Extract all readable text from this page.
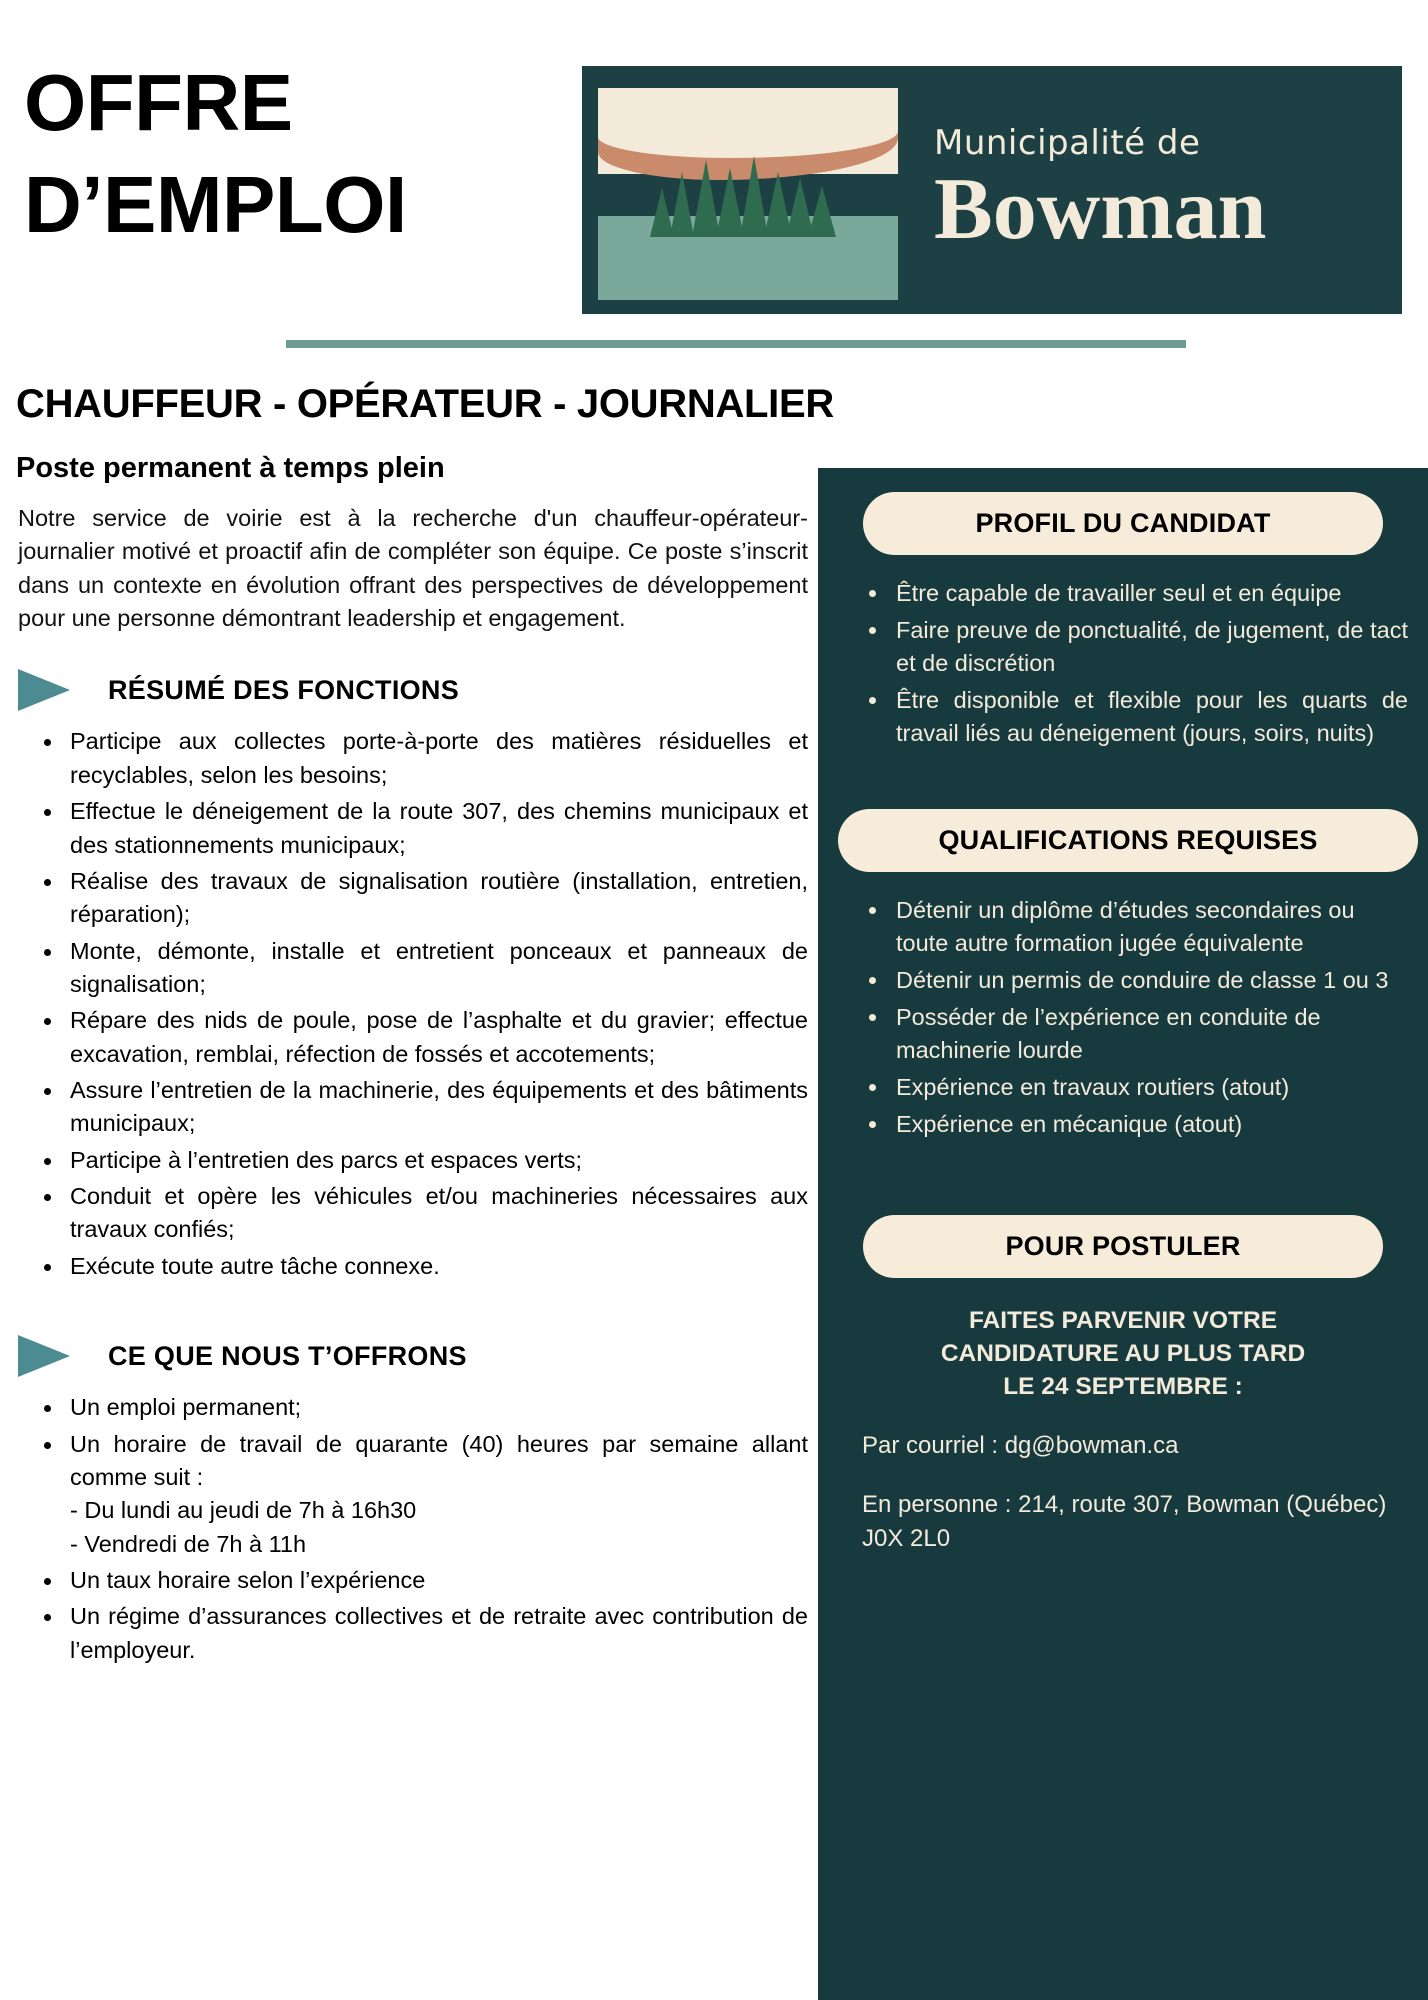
OFFRE
D’EMPLOI
Municipalité de
Bowman
CHAUFFEUR - OPÉRATEUR - JOURNALIER
Poste permanent à temps plein
Notre service de voirie est à la recherche d'un chauffeur-opérateur-journalier motivé et proactif afin de compléter son équipe. Ce poste s’inscrit dans un contexte en évolution offrant des perspectives de développement pour une personne démontrant leadership et engagement.
RÉSUMÉ DES FONCTIONS
• Participe aux collectes porte-à-porte des matières résiduelles et recyclables, selon les besoins;
• Effectue le déneigement de la route 307, des chemins municipaux et des stationnements municipaux;
• Réalise des travaux de signalisation routière (installation, entretien, réparation);
• Monte, démonte, installe et entretient ponceaux et panneaux de signalisation;
• Répare des nids de poule, pose de l’asphalte et du gravier; effectue excavation, remblai, réfection de fossés et accotements;
• Assure l’entretien de la machinerie, des équipements et des bâtiments municipaux;
• Participe à l’entretien des parcs et espaces verts;
• Conduit et opère les véhicules et/ou machineries nécessaires aux travaux confiés;
• Exécute toute autre tâche connexe.
CE QUE NOUS T’OFFRONS
• Un emploi permanent;
• Un horaire de travail de quarante (40) heures par semaine allant comme suit :
- Du lundi au jeudi de 7h à 16h30
- Vendredi de 7h à 11h
• Un taux horaire selon l’expérience
• Un régime d’assurances collectives et de retraite avec contribution de l’employeur.
PROFIL DU CANDIDAT
• Être capable de travailler seul et en équipe
• Faire preuve de ponctualité, de jugement, de tact et de discrétion
• Être disponible et flexible pour les quarts de travail liés au déneigement (jours, soirs, nuits)
QUALIFICATIONS REQUISES
• Détenir un diplôme d’études secondaires ou toute autre formation jugée équivalente
• Détenir un permis de conduire de classe 1 ou 3
• Posséder de l’expérience en conduite de machinerie lourde
• Expérience en travaux routiers (atout)
• Expérience en mécanique (atout)
POUR POSTULER
FAITES PARVENIR VOTRE
CANDIDATURE AU PLUS TARD
LE 24 SEPTEMBRE :
Par courriel : dg@bowman.ca
En personne : 214, route 307, Bowman (Québec) J0X 2L0
